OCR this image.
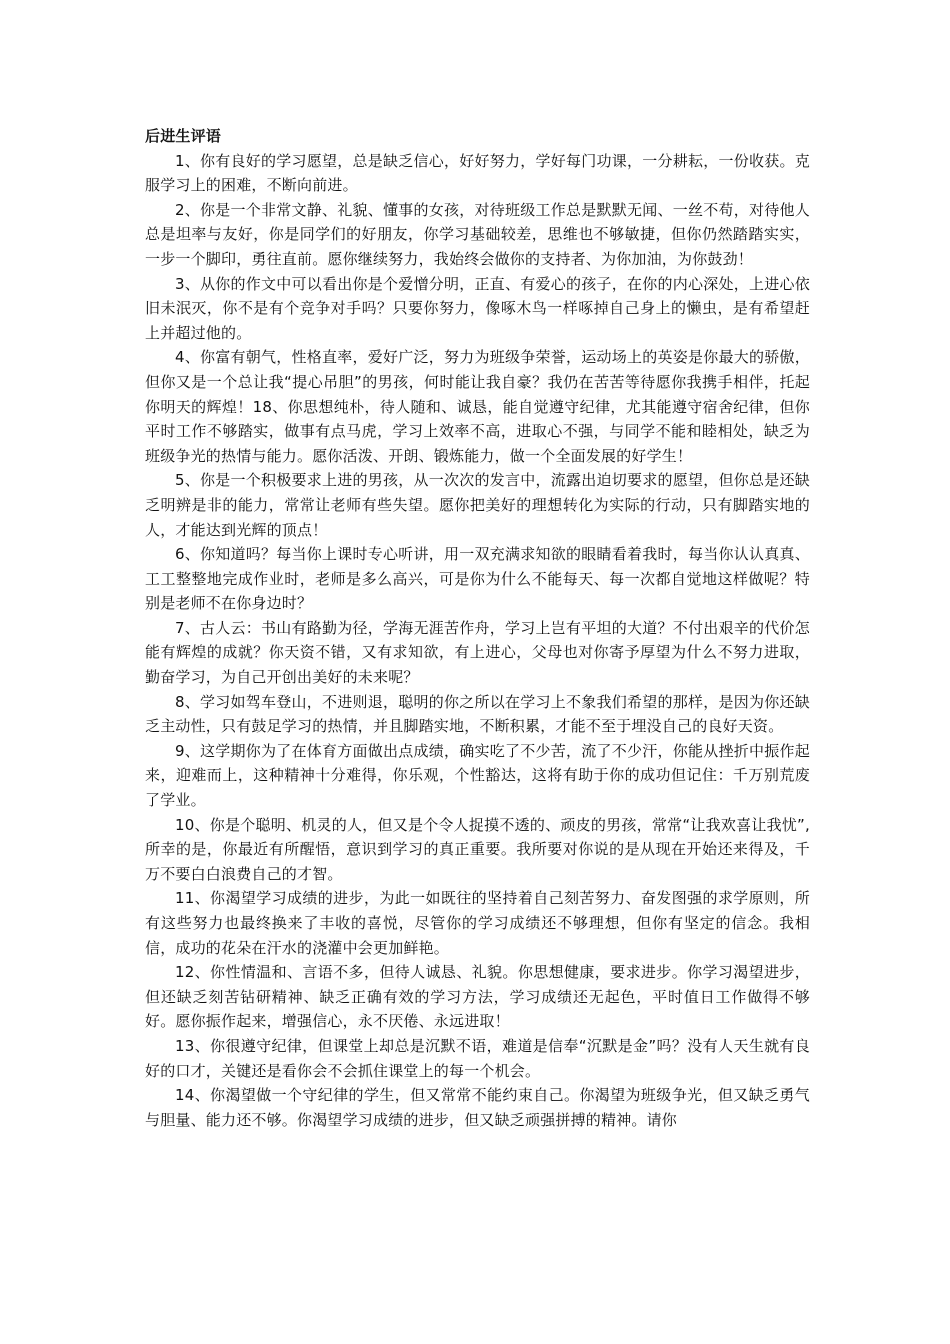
后进生评语

1、你有良好的学习愿望，总是缺乏信心，好好努力，学好每门功课，一分耕耘，一份收获。克服学习上的困难，不断向前进。

2、你是一个非常文静、礼貌、懂事的女孩，对待班级工作总是默默无闻、一丝不苟，对待他人总是坦率与友好，你是同学们的好朋友，你学习基础较差，思维也不够敏捷，但你仍然踏踏实实，一步一个脚印，勇往直前。愿你继续努力，我始终会做你的支持者、为你加油，为你鼓劲！

3、从你的作文中可以看出你是个爱憎分明，正直、有爱心的孩子，在你的内心深处，上进心依旧未泯灭，你不是有个竞争对手吗？只要你努力，像啄木鸟一样啄掉自己身上的懒虫，是有希望赶上并超过他的。

4、你富有朝气，性格直率，爱好广泛，努力为班级争荣誉，运动场上的英姿是你最大的骄傲，但你又是一个总让我“提心吊胆”的男孩，何时能让我自豪？我仍在苦苦等待愿你我携手相伴，托起你明天的辉煌！18、你思想纯朴，待人随和、诚恳，能自觉遵守纪律，尤其能遵守宿舍纪律，但你平时工作不够踏实，做事有点马虎，学习上效率不高，进取心不强，与同学不能和睦相处，缺乏为班级争光的热情与能力。愿你活泼、开朗、锻炼能力，做一个全面发展的好学生！

5、你是一个积极要求上进的男孩，从一次次的发言中，流露出迫切要求的愿望，但你总是还缺乏明辨是非的能力，常常让老师有些失望。愿你把美好的理想转化为实际的行动，只有脚踏实地的人，才能达到光辉的顶点！

6、你知道吗？每当你上课时专心听讲，用一双充满求知欲的眼睛看着我时，每当你认认真真、工工整整地完成作业时，老师是多么高兴，可是你为什么不能每天、每一次都自觉地这样做呢？特别是老师不在你身边时？

7、古人云：书山有路勤为径，学海无涯苦作舟，学习上岂有平坦的大道？不付出艰辛的代价怎能有辉煌的成就？你天资不错，又有求知欲，有上进心，父母也对你寄予厚望为什么不努力进取，勤奋学习，为自己开创出美好的未来呢？

8、学习如驾车登山，不进则退，聪明的你之所以在学习上不象我们希望的那样，是因为你还缺乏主动性，只有鼓足学习的热情，并且脚踏实地，不断积累，才能不至于埋没自己的良好天资。

9、这学期你为了在体育方面做出点成绩，确实吃了不少苦，流了不少汗，你能从挫折中振作起来，迎难而上，这种精神十分难得，你乐观，个性豁达，这将有助于你的成功但记住：千万别荒废了学业。

10、你是个聪明、机灵的人，但又是个令人捉摸不透的、顽皮的男孩，常常“让我欢喜让我忧”,所幸的是，你最近有所醒悟，意识到学习的真正重要。我所要对你说的是从现在开始还来得及，千万不要白白浪费自己的才智。

11、你渴望学习成绩的进步，为此一如既往的坚持着自己刻苦努力、奋发图强的求学原则，所有这些努力也最终换来了丰收的喜悦，尽管你的学习成绩还不够理想，但你有坚定的信念。我相信，成功的花朵在汗水的浇灌中会更加鲜艳。

12、你性情温和、言语不多，但待人诚恳、礼貌。你思想健康，要求进步。你学习渴望进步，但还缺乏刻苦钻研精神、缺乏正确有效的学习方法，学习成绩还无起色，平时值日工作做得不够好。愿你振作起来，增强信心，永不厌倦、永远进取！

13、你很遵守纪律，但课堂上却总是沉默不语，难道是信奉“沉默是金”吗？没有人天生就有良好的口才，关键还是看你会不会抓住课堂上的每一个机会。

14、你渴望做一个守纪律的学生，但又常常不能约束自己。你渴望为班级争光，但又缺乏勇气与胆量、能力还不够。你渴望学习成绩的进步，但又缺乏顽强拼搏的精神。请你
